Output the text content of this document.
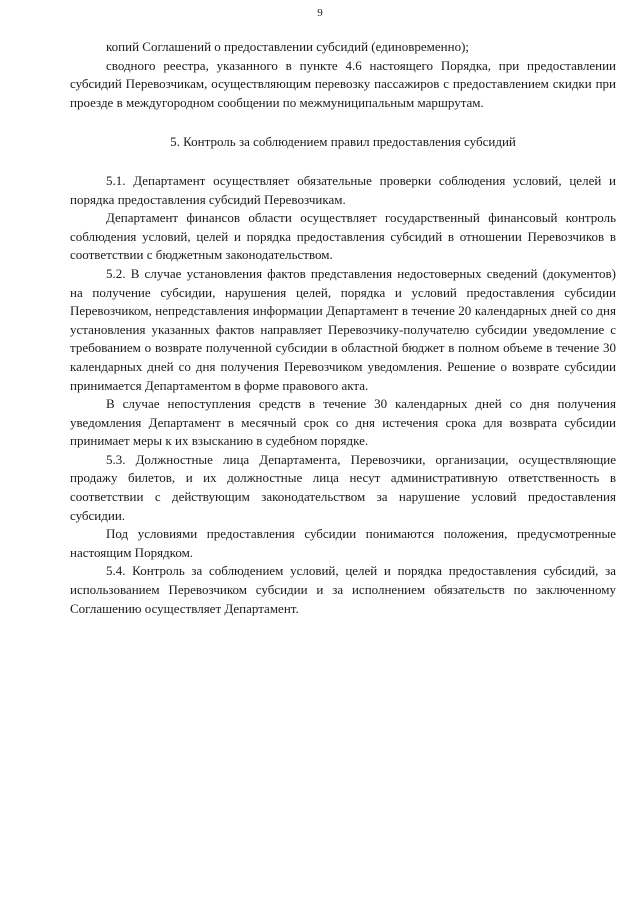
9

копий Соглашений о предоставлении субсидий (единовременно);

сводного реестра, указанного в пункте 4.6 настоящего Порядка, при предоставлении субсидий Перевозчикам, осуществляющим перевозку пассажиров с предоставлением скидки при проезде в междугородном сообщении по межмуниципальным маршрутам.

5. Контроль за соблюдением правил предоставления субсидий

5.1. Департамент осуществляет обязательные проверки соблюдения условий, целей и порядка предоставления субсидий Перевозчикам.

Департамент финансов области осуществляет государственный финансовый контроль соблюдения условий, целей и порядка предоставления субсидий в отношении Перевозчиков в соответствии с бюджетным законодательством.

5.2. В случае установления фактов представления недостоверных сведений (документов) на получение субсидии, нарушения целей, порядка и условий предоставления субсидии Перевозчиком, непредставления информации Департамент в течение 20 календарных дней со дня установления указанных фактов направляет Перевозчику-получателю субсидии уведомление с требованием о возврате полученной субсидии в областной бюджет в полном объеме в течение 30 календарных дней со дня получения Перевозчиком уведомления. Решение о возврате субсидии принимается Департаментом в форме правового акта.

В случае непоступления средств в течение 30 календарных дней со дня получения уведомления Департамент в месячный срок со дня истечения срока для возврата субсидии принимает меры к их взысканию в судебном порядке.

5.3. Должностные лица Департамента, Перевозчики, организации, осуществляющие продажу билетов, и их должностные лица несут административную ответственность в соответствии с действующим законодательством за нарушение условий предоставления субсидии.

Под условиями предоставления субсидии понимаются положения, предусмотренные настоящим Порядком.

5.4. Контроль за соблюдением условий, целей и порядка предоставления субсидий, за использованием Перевозчиком субсидии и за исполнением обязательств по заключенному Соглашению осуществляет Департамент.
